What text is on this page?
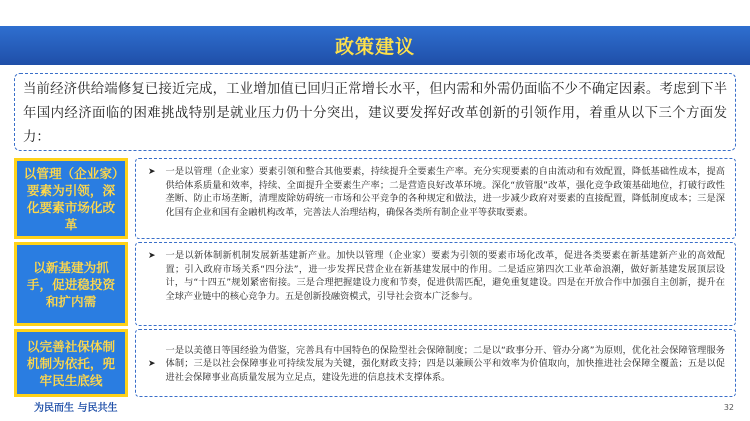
政策建议

当前经济供给端修复已接近完成，工业增加值已回归正常增长水平，但内需和外需仍面临不少不确定因素。考虑到下半年国内经济面临的困难挑战特别是就业压力仍十分突出，建议要发挥好改革创新的引领作用，着重从以下三个方面发力：

以管理（企业家）要素为引领，深化要素市场化改革
➤ 一是以管理（企业家）要素引领和整合其他要素，持续提升全要素生产率。充分实现要素的自由流动和有效配置，降低基础性成本，提高供给体系质量和效率，持续、全面提升全要素生产率；二是营造良好改革环境。深化“放管服”改革，强化竞争政策基础地位，打破行政性垄断、防止市场垄断，清理废除妨碍统一市场和公平竞争的各种规定和做法，进一步减少政府对要素的直接配置，降低制度成本；三是深化国有企业和国有金融机构改革，完善法人治理结构，确保各类所有制企业平等获取要素。

以新基建为抓手，促进稳投资和扩内需
➤ 一是以新体制新机制发展新基建新产业。加快以管理（企业家）要素为引领的要素市场化改革，促进各类要素在新基建新产业的高效配置；引入政府市场关系“四分法”，进一步发挥民营企业在新基建发展中的作用。二是适应第四次工业革命浪潮，做好新基建发展顶层设计，与“十四五”规划紧密衔接。三是合理把握建设力度和节奏，促进供需匹配，避免重复建设。四是在开放合作中加强自主创新，提升在全球产业链中的核心竞争力。五是创新投融资模式，引导社会资本广泛参与。

以完善社保体制机制为依托，兜牢民生底线
➤

一是以美德日等国经验为借鉴，完善具有中国特色的保险型社会保障制度；二是以“政事分开、管办分离”为原则，优化社会保障管理服务体制；三是以社会保障事业可持续发展为关键，强化财政支持；四是以兼顾公平和效率为价值取向，加快推进社会保障全覆盖；五是以促进社会保障事业高质量发展为立足点，建设先进的信息技术支撑体系。

为民而生 与民共生	32
